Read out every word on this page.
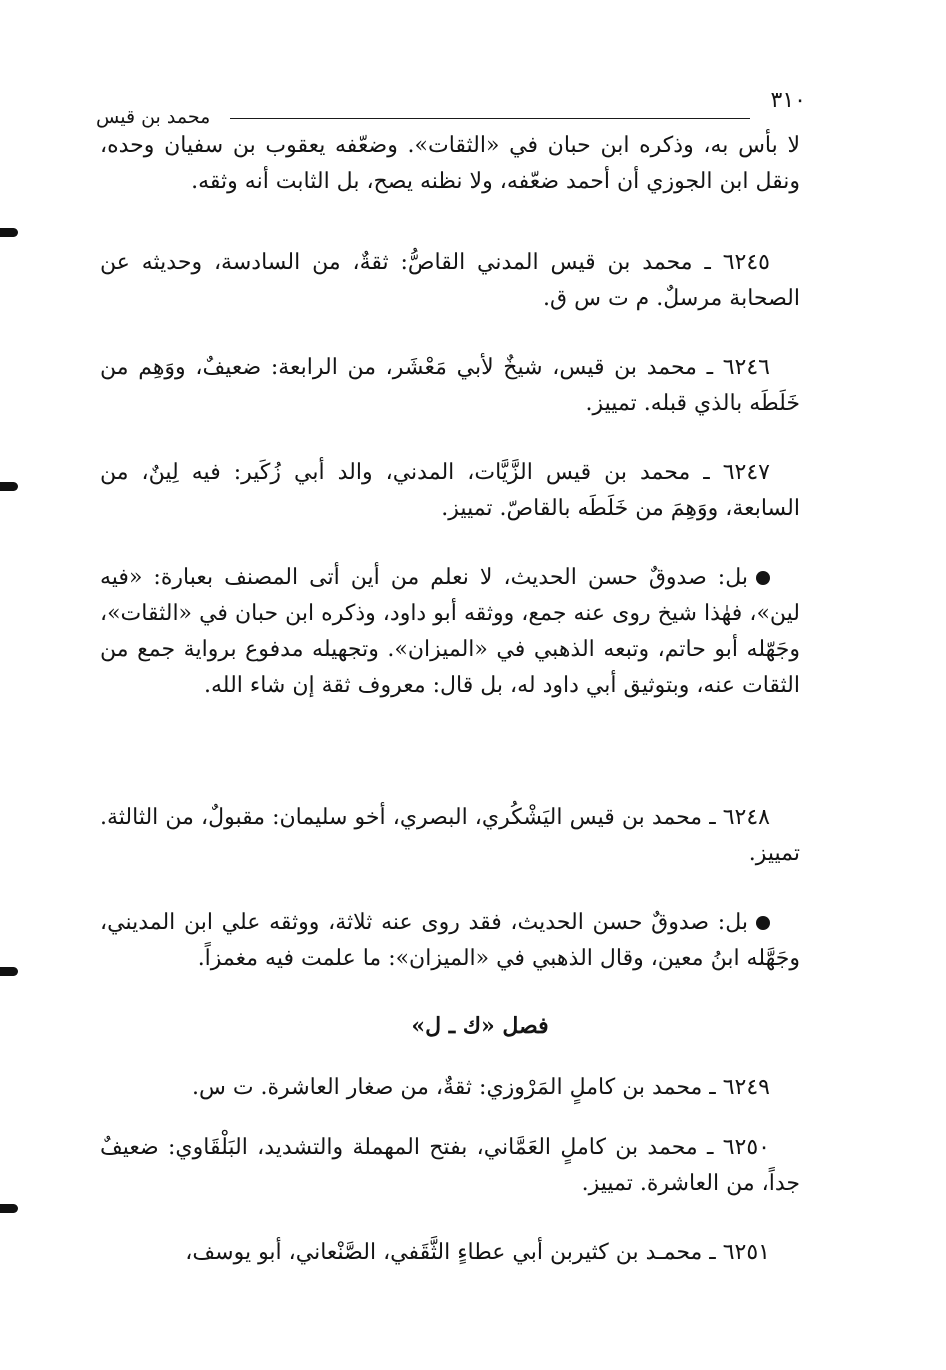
٣١٠
محمد بن قيس

لا بأس به، وذكره ابن حبان في «الثقات». وضعّفه يعقوب بن سفيان وحده، ونقل ابن الجوزي أن أحمد ضعّفه، ولا نظنه يصح، بل الثابت أنه وثقه.

٦٢٤٥ ـ محمد بن قيس المدني القاصُّ: ثقةٌ، من السادسة، وحديثه عن الصحابة مرسلٌ. م ت س ق.

٦٢٤٦ ـ محمد بن قيس، شيخٌ لأبي مَعْشَر، من الرابعة: ضعيفٌ، ووَهِم من خَلَطَه بالذي قبله. تمييز.

٦٢٤٧ ـ محمد بن قيس الزَّيَّات، المدني، والد أبي زُكَير: فيه لِينٌ، من السابعة، ووَهِمَ من خَلَطَه بالقاصّ. تمييز.

بل: صدوقٌ حسن الحديث، لا نعلم من أين أتى المصنف بعبارة: «فيه لين»، فهٰذا شيخ روى عنه جمع، ووثقه أبو داود، وذكره ابن حبان في «الثقات»، وجَهّله أبو حاتم، وتبعه الذهبي في «الميزان». وتجهيله مدفوع برواية جمع من الثقات عنه، وبتوثيق أبي داود له، بل قال: معروف ثقة إن شاء الله.

٦٢٤٨ ـ محمد بن قيس اليَشْكُري، البصري، أخو سليمان: مقبولٌ، من الثالثة. تمييز.

بل: صدوقٌ حسن الحديث، فقد روى عنه ثلاثة، ووثقه علي ابن المديني، وجَهَّله ابنُ معين، وقال الذهبي في «الميزان»: ما علمت فيه مغمزاً.

فصل «ك ـ ل»

٦٢٤٩ ـ محمد بن كاملٍ المَرْوزي: ثقةٌ، من صغار العاشرة. ت س.

٦٢٥٠ ـ محمد بن كاملٍ العَمَّاني، بفتح المهملة والتشديد، البَلْقَاوي: ضعيفٌ جداً، من العاشرة. تمييز.

٦٢٥١ ـ محمـد بن كثيربن أبي عطاءٍ الثَّقَفي، الصَّنْعاني، أبو يوسف،
